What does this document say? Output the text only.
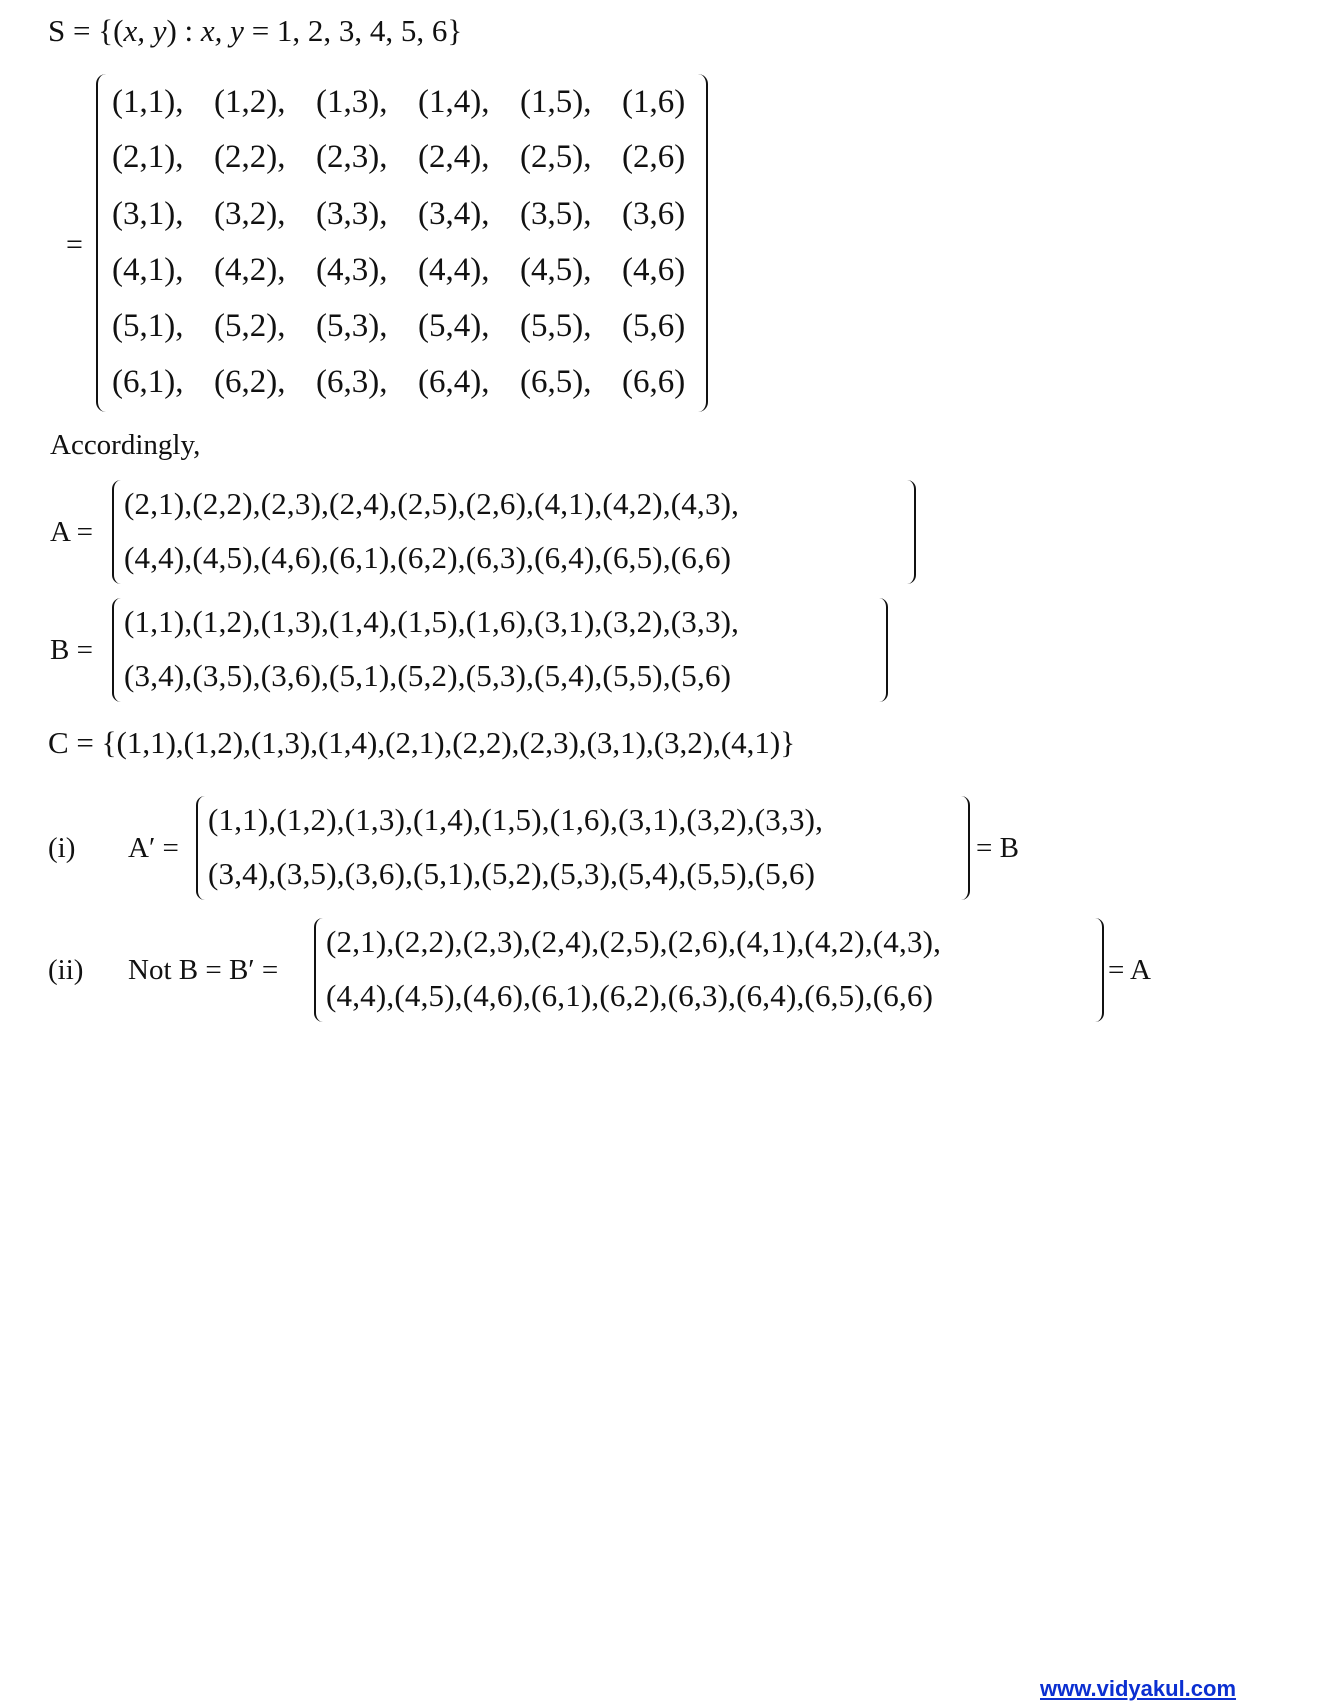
S = {(x, y) : x, y = 1, 2, 3, 4, 5, 6}
=
(1,1), (1,2), (1,3), (1,4), (1,5), (1,6)
(2,1), (2,2), (2,3), (2,4), (2,5), (2,6)
(3,1), (3,2), (3,3), (3,4), (3,5), (3,6)
(4,1), (4,2), (4,3), (4,4), (4,5), (4,6)
(5,1), (5,2), (5,3), (5,4), (5,5), (5,6)
(6,1), (6,2), (6,3), (6,4), (6,5), (6,6)
Accordingly,
A =
(2,1),(2,2),(2,3),(2,4),(2,5),(2,6),(4,1),(4,2),(4,3),
(4,4),(4,5),(4,6),(6,1),(6,2),(6,3),(6,4),(6,5),(6,6)
B =
(1,1),(1,2),(1,3),(1,4),(1,5),(1,6),(3,1),(3,2),(3,3),
(3,4),(3,5),(3,6),(5,1),(5,2),(5,3),(5,4),(5,5),(5,6)
C = {(1,1),(1,2),(1,3),(1,4),(2,1),(2,2),(2,3),(3,1),(3,2),(4,1)}
(i) A′ =
(1,1),(1,2),(1,3),(1,4),(1,5),(1,6),(3,1),(3,2),(3,3),
(3,4),(3,5),(3,6),(5,1),(5,2),(5,3),(5,4),(5,5),(5,6)
= B
(ii) Not B = B′ =
(2,1),(2,2),(2,3),(2,4),(2,5),(2,6),(4,1),(4,2),(4,3),
(4,4),(4,5),(4,6),(6,1),(6,2),(6,3),(6,4),(6,5),(6,6)
= A
www.vidyakul.com
